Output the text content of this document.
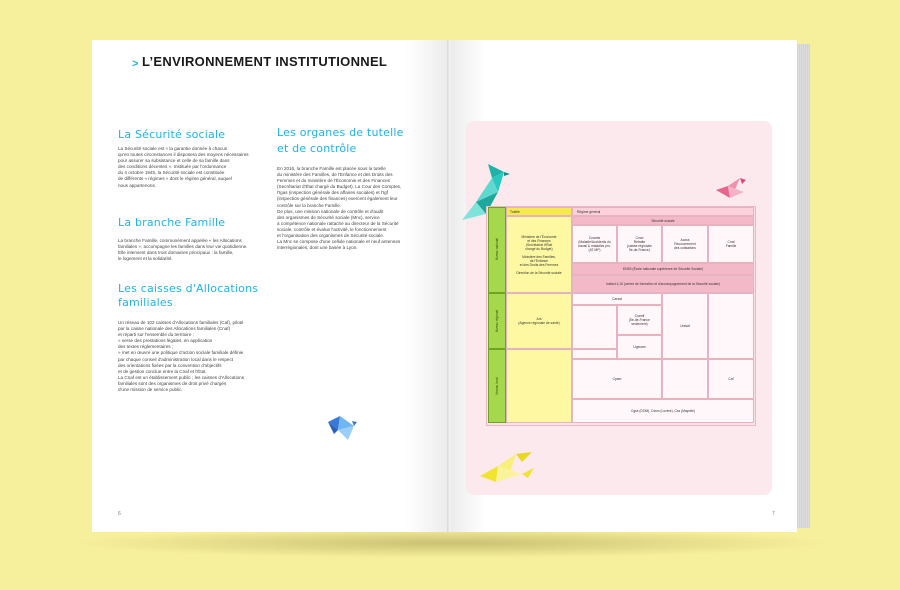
> L’ENVIRONNEMENT INSTITUTIONNEL
La Sécurité sociale
La Sécurité sociale est « la garantie donnée à chacun
qu'en toutes circonstances il disposera des moyens nécessaires
pour assurer sa subsistance et celle de sa famille dans
des conditions décentes ». Instituée par l'ordonnance
du 4 octobre 1945, la Sécurité sociale est constituée
de différents « régimes » dont le régime général, auquel
nous appartenons.
La branche Famille
La branche Famille, communément appelée « les Allocations
familiales », accompagne les familles dans leur vie quotidienne.
Elle intervient dans trois domaines principaux : la famille,
le logement et la solidarité.
Les caisses d'Allocations
familiales
Un réseau de 102 caisses d'Allocations familiales (Caf), piloté
par la caisse nationale des Allocations familiales (Cnaf)
et réparti sur l'ensemble du territoire :
» verse des prestations légales, en application
des textes réglementaires ;
» met en œuvre une politique d'action sociale familiale définie
par chaque conseil d'administration local dans le respect
des orientations fixées par la convention d'objectifs
et de gestion conclue entre la Cnaf et l'État.
La Cnaf est un établissement public ; les caisses d'Allocations
familiales sont des organismes de droit privé chargés
d'une mission de service public.
Les organes de tutelle
et de contrôle
En 2016, la branche Famille est placée sous la tutelle
du ministère des Familles, de l'Enfance et des Droits des
Femmes et du ministère de l'Économie et des Finances
(Secrétariat d'État chargé du Budget). La Cour des Comptes,
l'Igas (inspection générale des affaires sociales) et l'Igf
(inspection générale des finances) exercent également leur
contrôle sur la branche Famille.
De plus, une mission nationale de contrôle et d'audit
des organismes de Sécurité sociale (Mnc), service
à compétence nationale rattaché au directeur de la Sécurité
sociale, contrôle et évalue l'activité, le fonctionnement
et l'organisation des organismes de Sécurité sociale.
La Mnc se compose d'une cellule nationale et neuf antennes
interrégionales, dont une basée à Lyon.
6
Niveau national
Niveau régional
Niveau local
Tutelle
Ministère de l'Économie
et des Finances
(Secrétariat d'État
chargé du Budget)

Ministère des Familles,
de l'Enfance
et des Droits des Femmes

Direction de la Sécurité sociale
Ars
(Agence régionale de santé)
Régime général
Sécurité sociale
Cnamts
(Maladie/Accidents du
travail & maladies pro.
(AT-MP)
Cnav
Retraite
(caisse régionale
Île-de-France)
Acoss
Recouvrement
des cotisations
Cnaf
Famille
EN3S (École nationale supérieure de Sécurité Sociale)
Institut 4.10 (centre de formation et d'accompagnement de la Sécurité sociale)
Carsat
Cramif
(Île-de-France
seulement)	Urssaf
Ugecam
Cpam	Caf
Cgss (DOM), Cssm (Lozère), Css (Mayotte)
7
